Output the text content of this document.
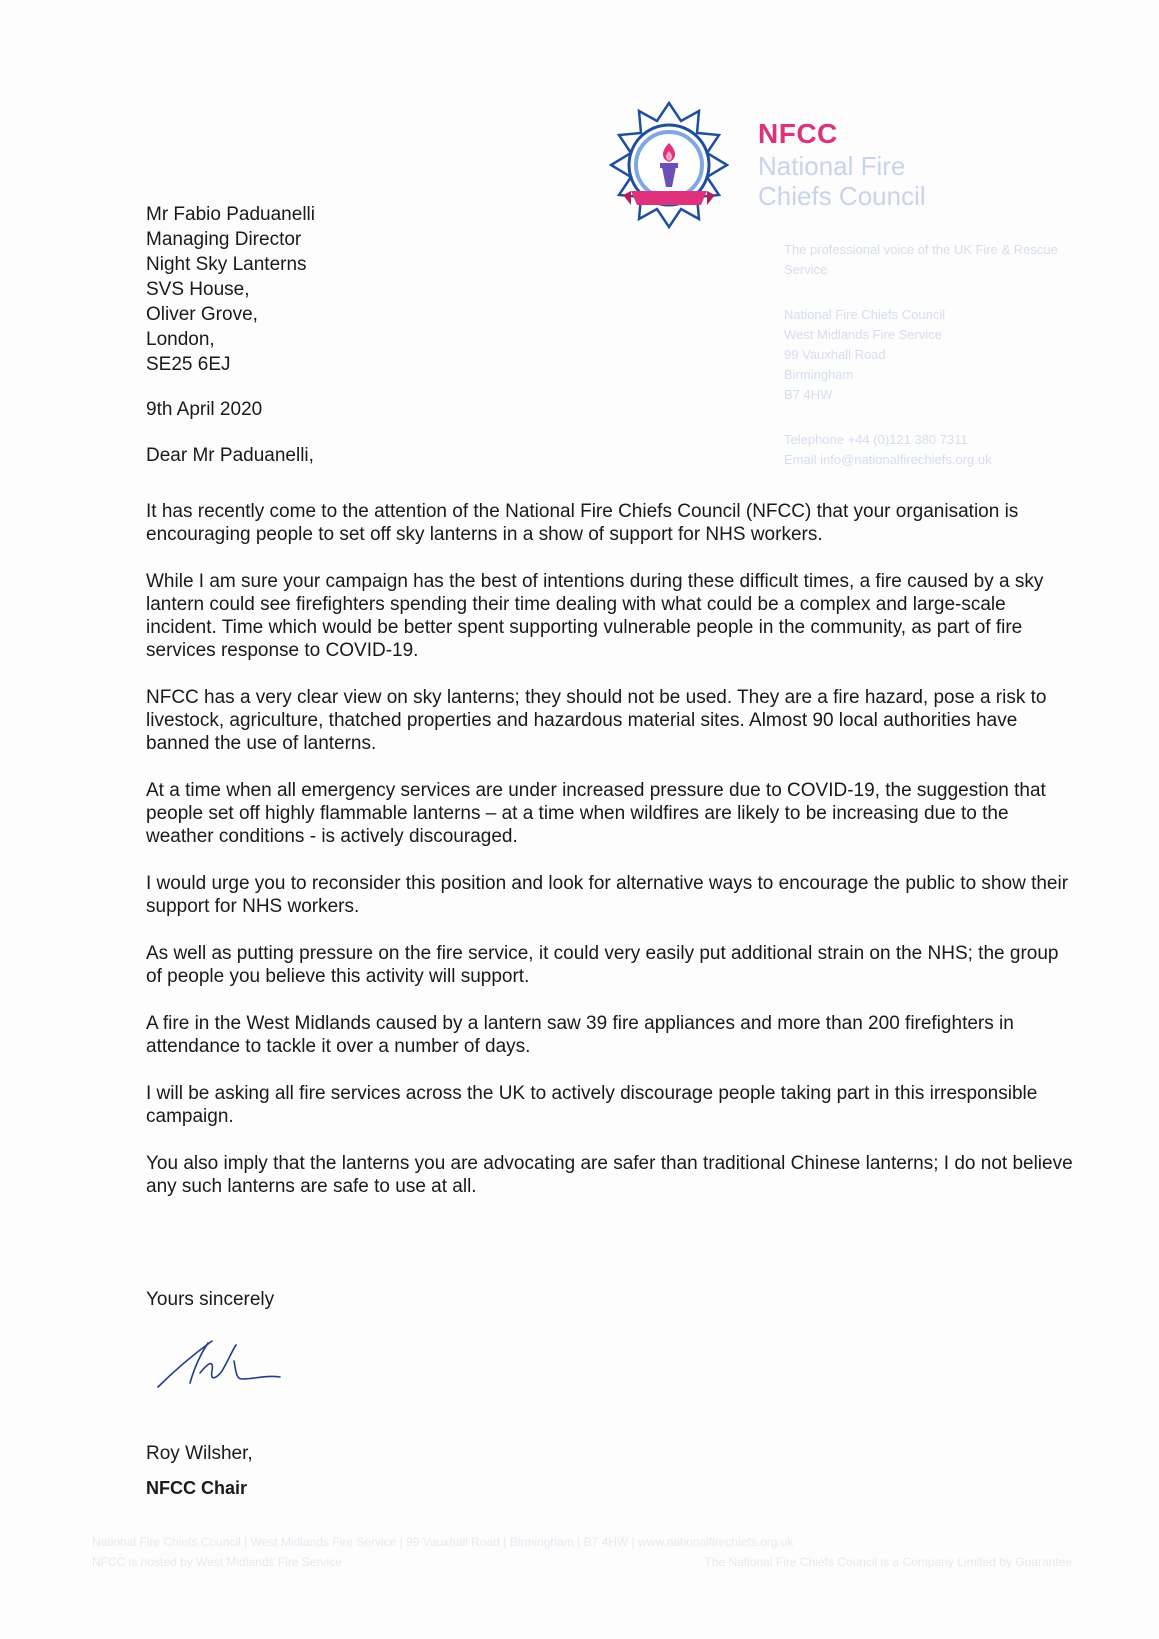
NFCC
National Fire
Chiefs Council
The professional voice of the UK Fire & Rescue Service
National Fire Chiefs Council
West Midlands Fire Service
99 Vauxhall Road
Birmingham
B7 4HW
Telephone +44 (0)121 380 7311
Email info@nationalfirechiefs.org.uk
Mr Fabio Paduanelli
Managing Director
Night Sky Lanterns
SVS House,
Oliver Grove,
London,
SE25 6EJ
9th April 2020
Dear Mr Paduanelli,

It has recently come to the attention of the National Fire Chiefs Council (NFCC) that your organisation is encouraging people to set off sky lanterns in a show of support for NHS workers.

While I am sure your campaign has the best of intentions during these difficult times, a fire caused by a sky lantern could see firefighters spending their time dealing with what could be a complex and large-scale incident. Time which would be better spent supporting vulnerable people in the community, as part of fire services response to COVID-19.

NFCC has a very clear view on sky lanterns; they should not be used. They are a fire hazard, pose a risk to livestock, agriculture, thatched properties and hazardous material sites. Almost 90 local authorities have banned the use of lanterns.

At a time when all emergency services are under increased pressure due to COVID-19, the suggestion that people set off highly flammable lanterns – at a time when wildfires are likely to be increasing due to the weather conditions - is actively discouraged.

I would urge you to reconsider this position and look for alternative ways to encourage the public to show their support for NHS workers.

As well as putting pressure on the fire service, it could very easily put additional strain on the NHS; the group of people you believe this activity will support.

A fire in the West Midlands caused by a lantern saw 39 fire appliances and more than 200 firefighters in attendance to tackle it over a number of days.

I will be asking all fire services across the UK to actively discourage people taking part in this irresponsible campaign.

You also imply that the lanterns you are advocating are safer than traditional Chinese lanterns; I do not believe any such lanterns are safe to use at all.

Yours sincerely
Roy Wilsher,
NFCC Chair
National Fire Chiefs Council | West Midlands Fire Service | 99 Vauxhall Road | Birmingham | B7 4HW | www.nationalfirechiefs.org.uk
NFCC is hosted by West Midlands Fire Service	The National Fire Chiefs Council is a Company Limited by Guarantee
